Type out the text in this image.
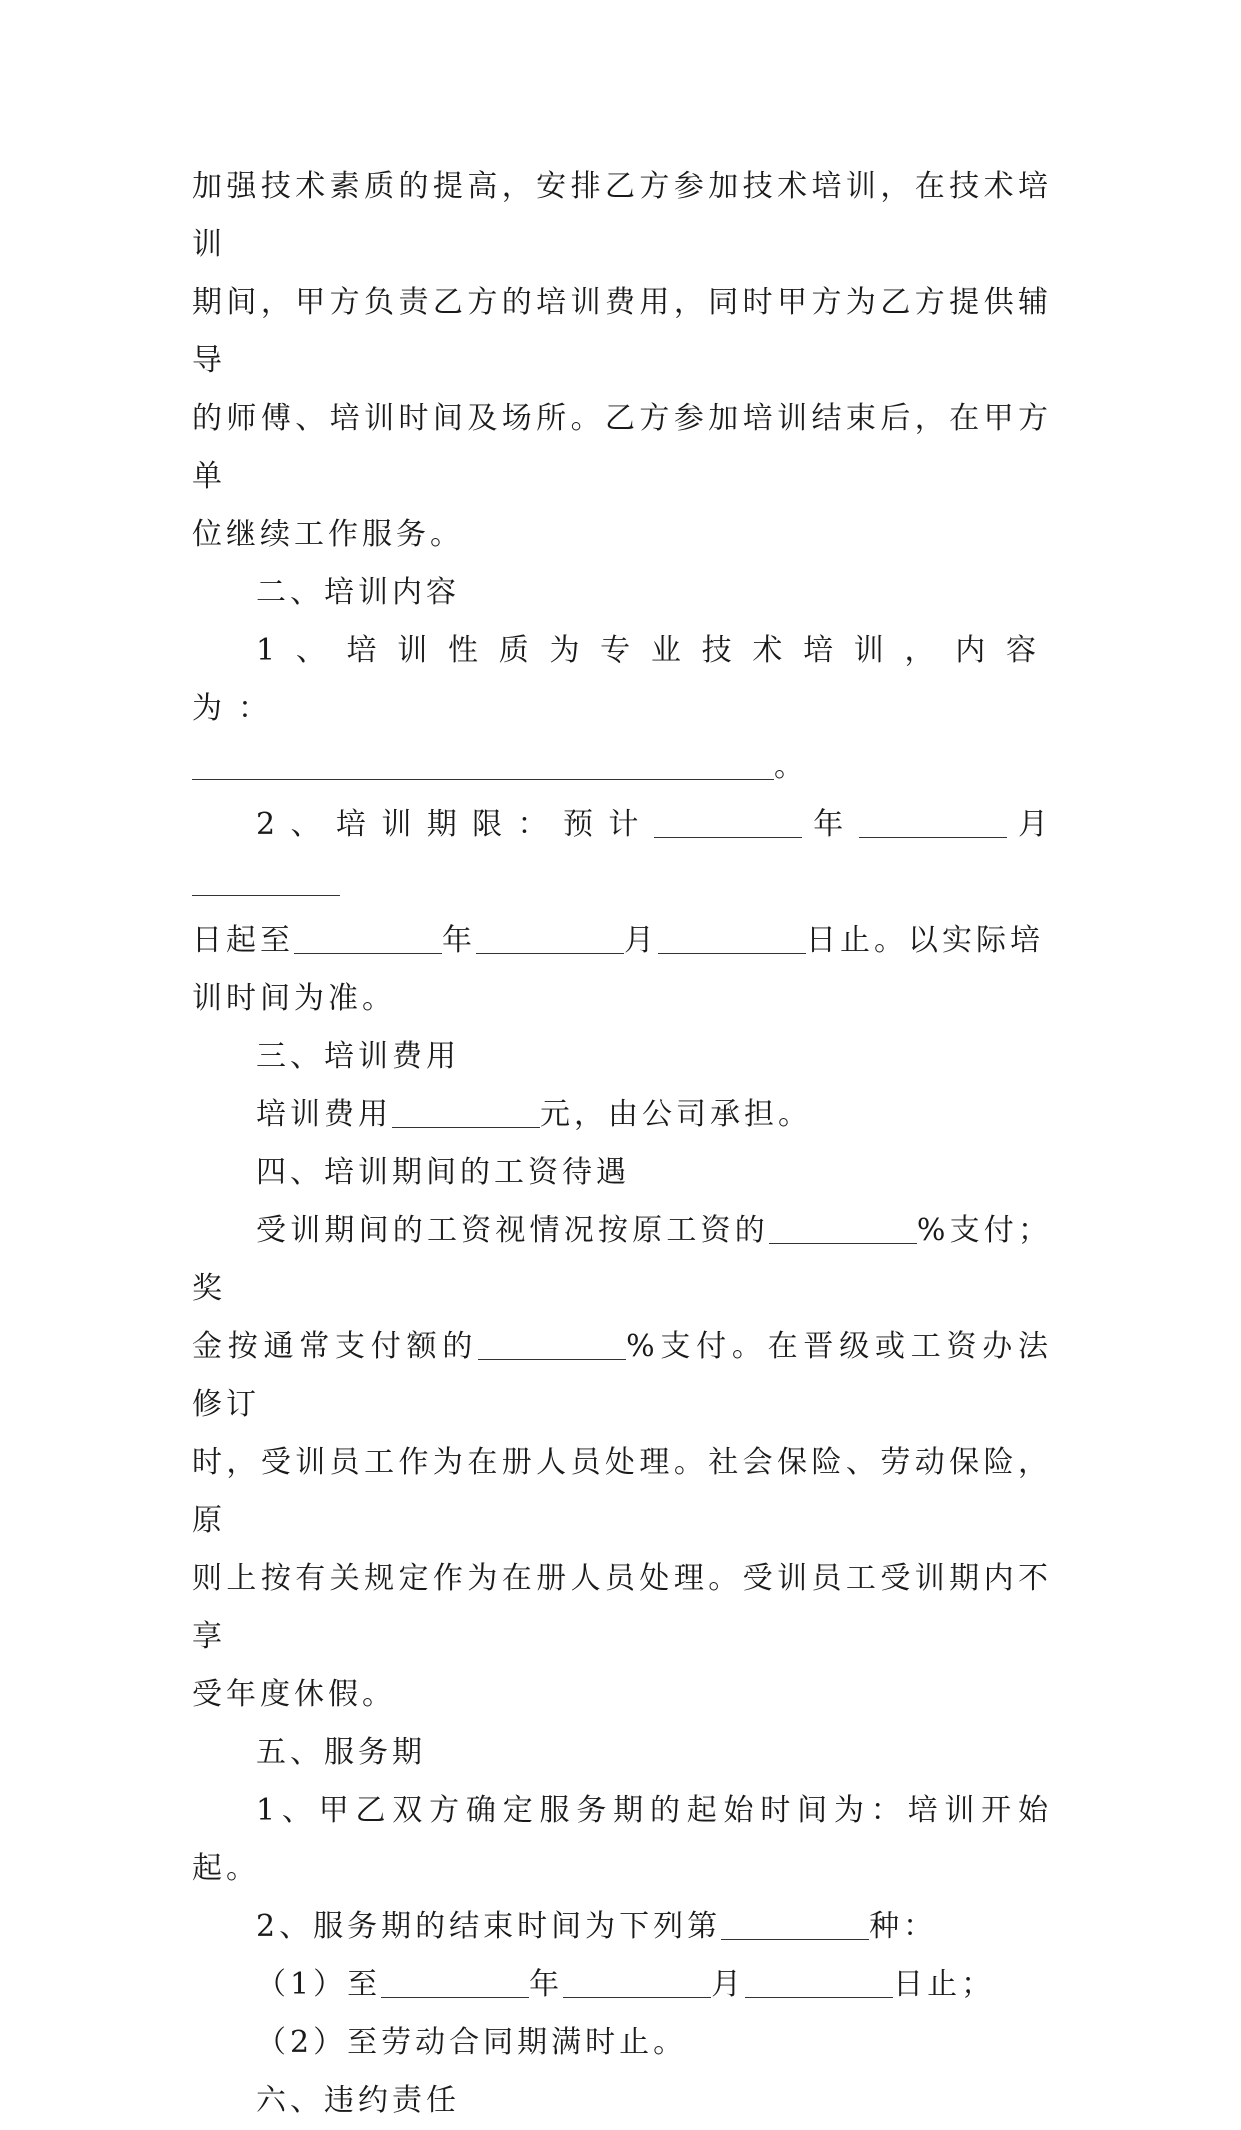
加强技术素质的提高，安排乙方参加技术培训，在技术培训

期间，甲方负责乙方的培训费用，同时甲方为乙方提供辅导

的师傅、培训时间及场所。乙方参加培训结束后，在甲方单

位继续工作服务。

二、培训内容

1、培训性质为专业技术培训，内容为：

。

2、培训期限：预计	年	月

日起至	年	月	日止。以实际培

训时间为准。

三、培训费用

培训费用	元，由公司承担。

四、培训期间的工资待遇

受训期间的工资视情况按原工资的	%支付；奖

金按通常支付额的	%支付。在晋级或工资办法修订

时，受训员工作为在册人员处理。社会保险、劳动保险，原

则上按有关规定作为在册人员处理。受训员工受训期内不享

受年度休假。

五、服务期

1、甲乙双方确定服务期的起始时间为：培训开始起。

2、服务期的结束时间为下列第	种：

（1）至	年	月	日止；

（2）至劳动合同期满时止。

六、违约责任
